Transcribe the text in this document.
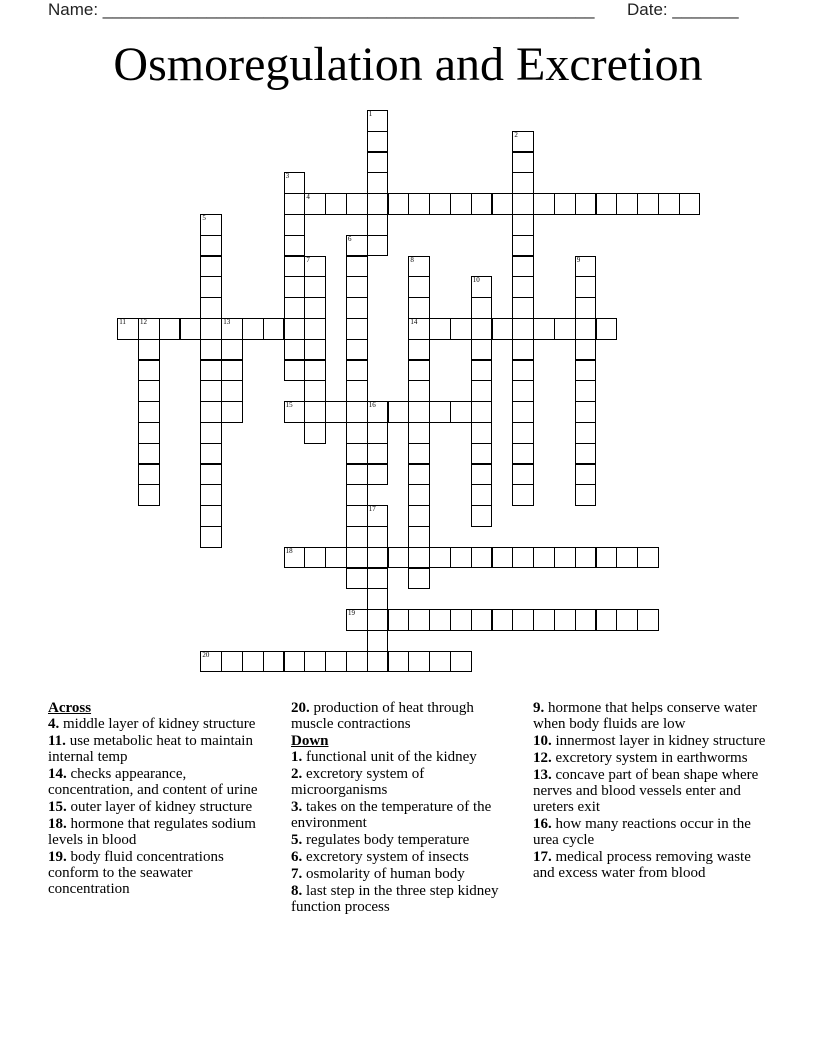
Name: ____________________________________________________ Date: _______
Osmoregulation and Excretion
1
2
3
4
5
6
7	8
14
9
10
11 12	13
15	16
17
18
19
20

Across

4. middle layer of kidney structure

11. use metabolic heat to maintain internal temp

14. checks appearance, concentration, and content of urine

15. outer layer of kidney structure

18. hormone that regulates sodium levels in blood

19. body fluid concentrations conform to the seawater concentration

20. production of heat through muscle contractions

Down

1. functional unit of the kidney

2. excretory system of microorganisms

3. takes on the temperature of the environment

5. regulates body temperature

6. excretory system of insects

7. osmolarity of human body

8. last step in the three step kidney function process

9. hormone that helps conserve water when body fluids are low

10. innermost layer in kidney structure

12. excretory system in earthworms

13. concave part of bean shape where nerves and blood vessels enter and ureters exit

16. how many reactions occur in the urea cycle

17. medical process removing waste and excess water from blood
